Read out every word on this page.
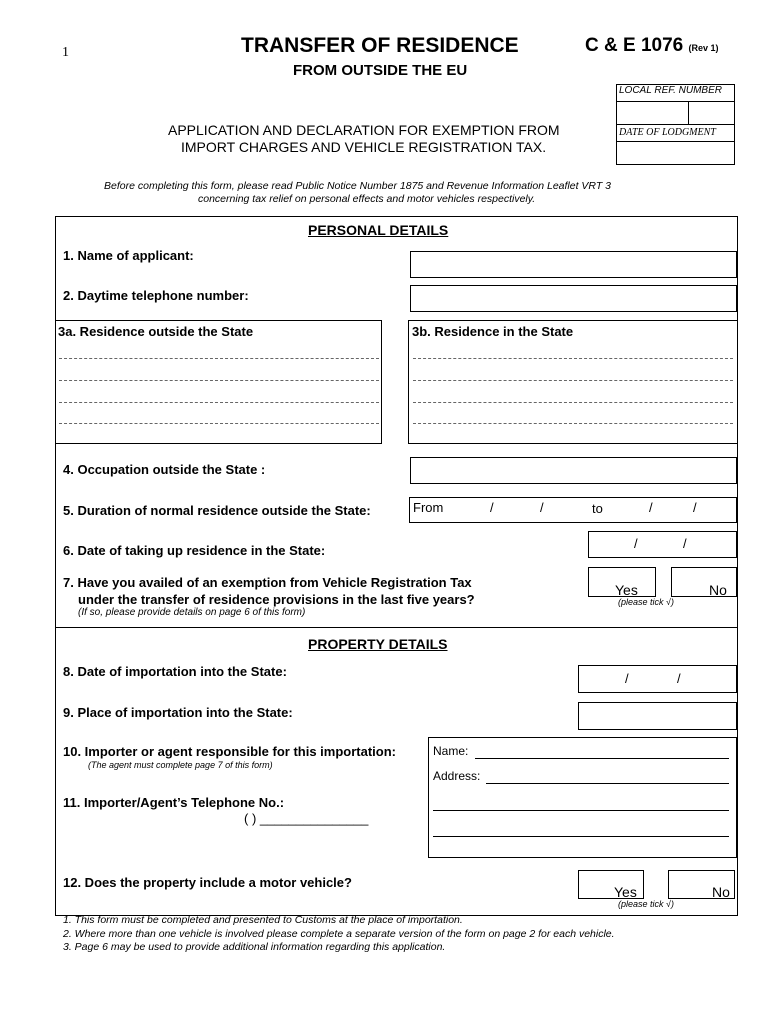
1	TRANSFER OF RESIDENCE
FROM OUTSIDE THE EU
C & E 1076 (Rev 1)
LOCAL REF. NUMBER
DATE OF LODGMENT
APPLICATION AND DECLARATION FOR EXEMPTION FROM
IMPORT CHARGES AND VEHICLE REGISTRATION TAX.
Before completing this form, please read Public Notice Number 1875 and Revenue Information Leaflet VRT 3
concerning tax relief on personal effects and motor vehicles respectively.
PERSONAL DETAILS
1. Name of applicant:
2. Daytime telephone number:
3a. Residence outside the State	3b. Residence in the State
4. Occupation outside the State :
5. Duration of normal residence outside the State:	From	/	/	to	/	/
6. Date of taking up residence in the State:	/	/
7. Have you availed of an exemption from Vehicle Registration Tax
under the transfer of residence provisions in the last five years?
(If so, please provide details on page 6 of this form)
Yes	No
(please tick √)
PROPERTY DETAILS
8. Date of importation into the State:	/	/
9. Place of importation into the State:
10. Importer or agent responsible for this importation:
(The agent must complete page 7 of this form)
Name:
Address:
11. Importer/Agent’s Telephone No.:
( ) _______________
12. Does the property include a motor vehicle?
Yes	No
(please tick √)
1. This form must be completed and presented to Customs at the place of importation.
2. Where more than one vehicle is involved please complete a separate version of the form on page 2 for each vehicle.
3. Page 6 may be used to provide additional information regarding this application.
